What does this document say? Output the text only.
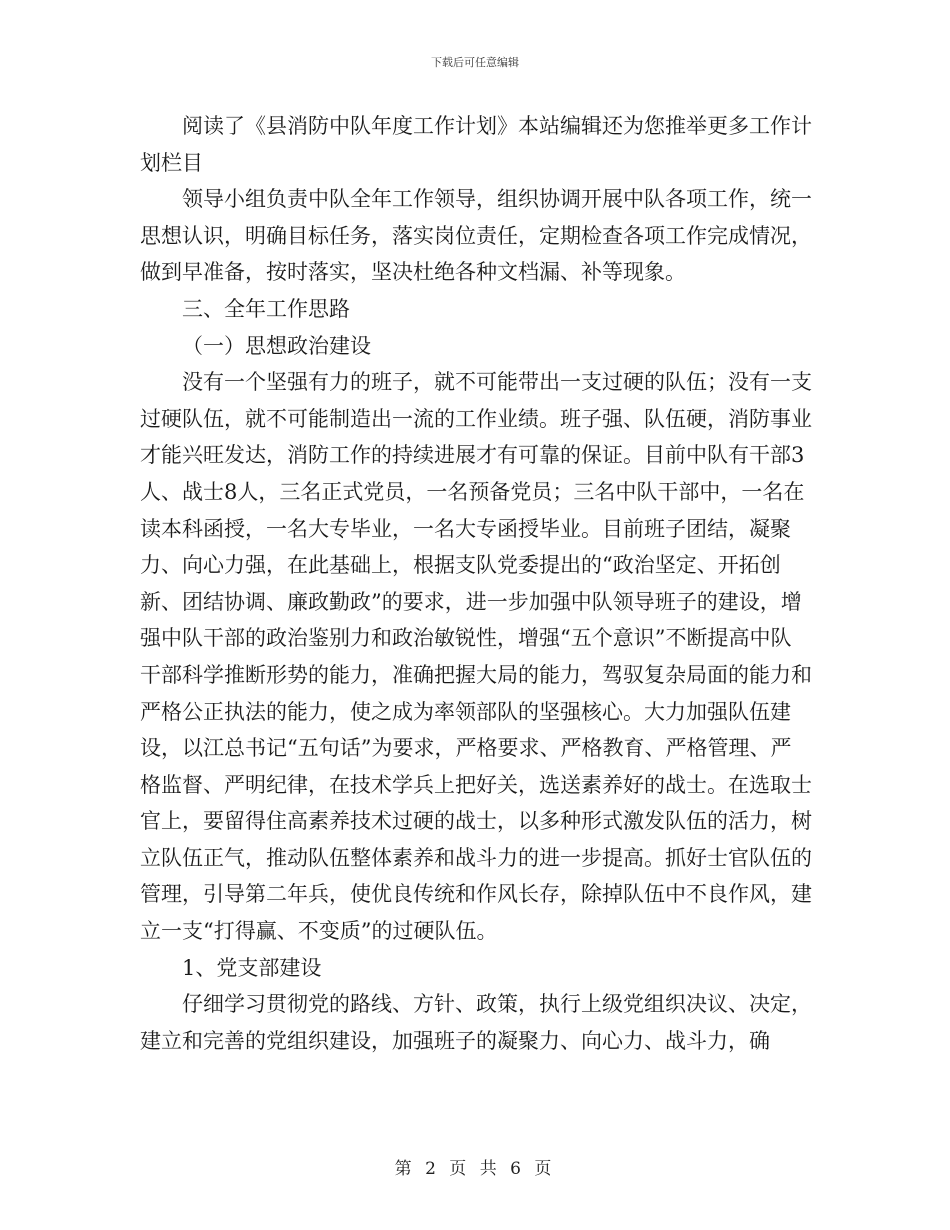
下载后可任意编辑

阅读了《县消防中队年度工作计划》本站编辑还为您推举更多工作计划栏目

领导小组负责中队全年工作领导，组织协调开展中队各项工作，统一思想认识，明确目标任务，落实岗位责任，定期检查各项工作完成情况，做到早准备，按时落实，坚决杜绝各种文档漏、补等现象。

三、全年工作思路

（一）思想政治建设

没有一个坚强有力的班子，就不可能带出一支过硬的队伍；没有一支过硬队伍，就不可能制造出一流的工作业绩。班子强、队伍硬，消防事业才能兴旺发达，消防工作的持续进展才有可靠的保证。目前中队有干部3人、战士8人，三名正式党员，一名预备党员；三名中队干部中，一名在读本科函授，一名大专毕业，一名大专函授毕业。目前班子团结，凝聚力、向心力强，在此基础上，根据支队党委提出的“政治坚定、开拓创新、团结协调、廉政勤政”的要求，进一步加强中队领导班子的建设，增强中队干部的政治鉴别力和政治敏锐性，增强“五个意识”不断提高中队干部科学推断形势的能力，准确把握大局的能力，驾驭复杂局面的能力和严格公正执法的能力，使之成为率领部队的坚强核心。大力加强队伍建设，以江总书记“五句话”为要求，严格要求、严格教育、严格管理、严格监督、严明纪律，在技术学兵上把好关，选送素养好的战士。在选取士官上，要留得住高素养技术过硬的战士，以多种形式激发队伍的活力，树立队伍正气，推动队伍整体素养和战斗力的进一步提高。抓好士官队伍的管理，引导第二年兵，使优良传统和作风长存，除掉队伍中不良作风，建立一支“打得赢、不变质”的过硬队伍。

1、党支部建设

仔细学习贯彻党的路线、方针、政策，执行上级党组织决议、决定，建立和完善的党组织建设，加强班子的凝聚力、向心力、战斗力，确

第 2 页 共 6 页
